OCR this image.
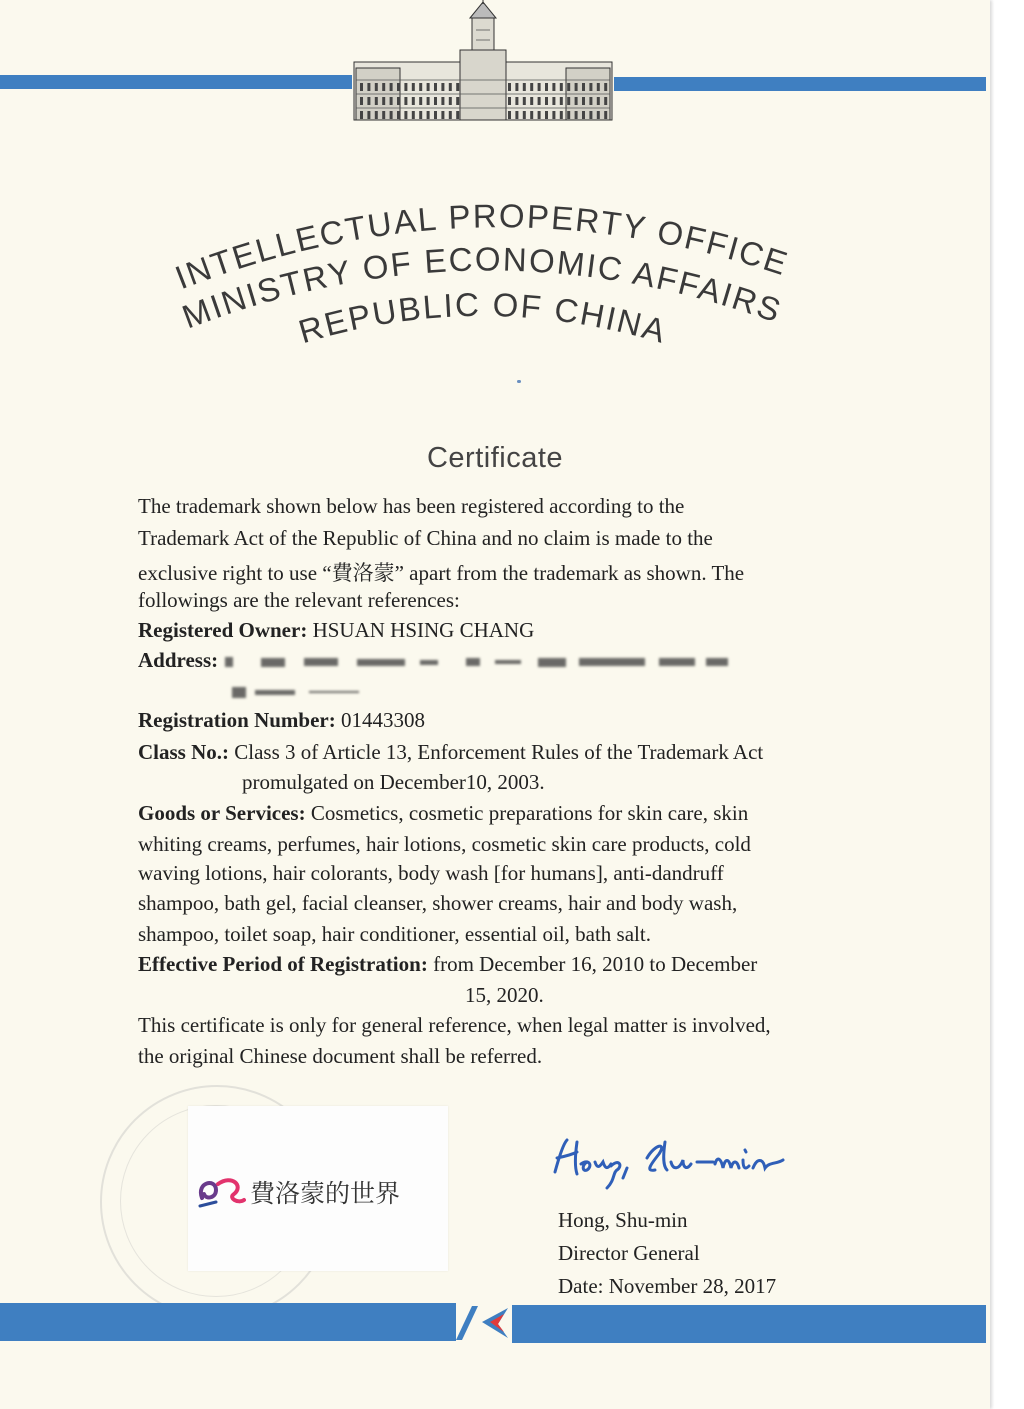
INTELLECTUAL PROPERTY OFFICE
MINISTRY OF ECONOMIC AFFAIRS
REPUBLIC OF CHINA
Certificate
The trademark shown below has been registered according to the
Trademark Act of the Republic of China and no claim is made to the
exclusive right to use “費洛蒙” apart from the trademark as shown. The
followings are the relevant references:
Registered Owner: HSUAN HSING CHANG
Address:

Registration Number: 01443308
Class No.: Class 3 of Article 13, Enforcement Rules of the Trademark Act
promulgated on December10, 2003.
Goods or Services: Cosmetics, cosmetic preparations for skin care, skin
whiting creams, perfumes, hair lotions, cosmetic skin care products, cold
waving lotions, hair colorants, body wash [for humans], anti-dandruff
shampoo, bath gel, facial cleanser, shower creams, hair and body wash,
shampoo, toilet soap, hair conditioner, essential oil, bath salt.
Effective Period of Registration: from December 16, 2010 to December
15, 2020.
This certificate is only for general reference, when legal matter is involved,
the original Chinese document shall be referred.
費洛蒙的世界
Hong, Shu-min
Director General
Date: November 28, 2017
